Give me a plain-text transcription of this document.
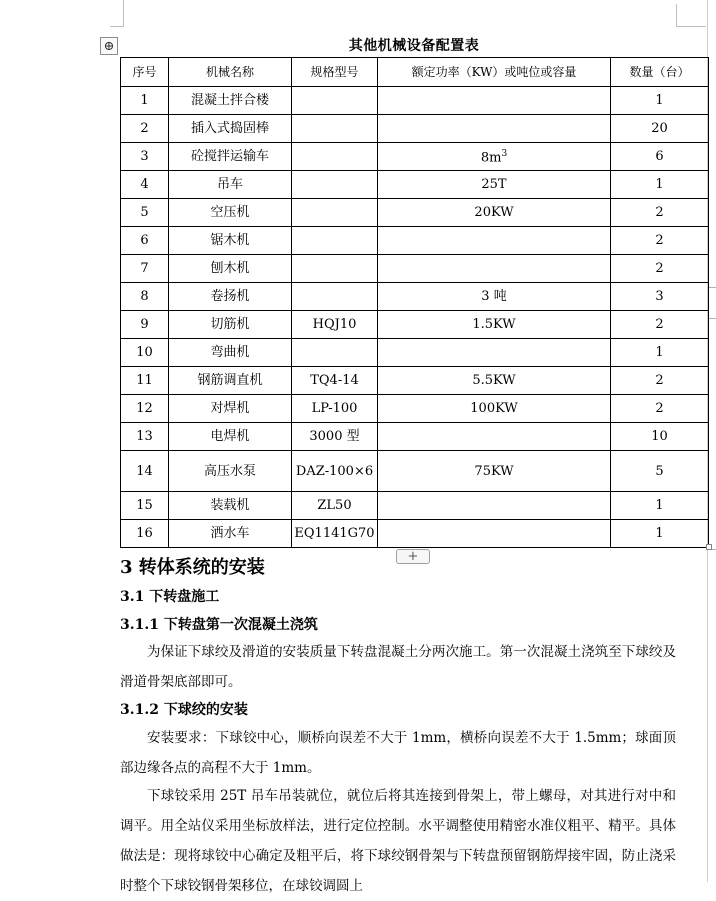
⊕	其他机械设备配置表
序号	机械名称	规格型号	额定功率（KW）或吨位或容量	数量（台）
1	混凝土拌合楼			1
2	插入式捣固棒			20
3	砼搅拌运输车		$8m^3$	6
4	吊车		25T	1
5	空压机		20KW	2
6	锯木机			2
7	刨木机			2
8	卷扬机		3 吨	3
9	切筋机	HQJ10	1.5KW	2
10	弯曲机			1
11	钢筋调直机	TQ4-14	5.5KW	2
12	对焊机	LP-100	100KW	2
13	电焊机	3000 型		10
14	高压水泵	DAZ-100×6	75KW	5
15	装载机	ZL50		1
16	洒水车	EQ1141G70		1
+
3 转体系统的安装
3.1 下转盘施工
3.1.1 下转盘第一次混凝土浇筑
为保证下球绞及滑道的安装质量下转盘混凝土分两次施工。第一次混凝土浇筑至下球绞及滑道骨架底部即可。
3.1.2 下球绞的安装
安装要求：下球铰中心，顺桥向误差不大于 1mm，横桥向误差不大于 1.5mm；球面顶部边缘各点的高程不大于 1mm。
下球铰采用 25T 吊车吊装就位，就位后将其连接到骨架上，带上螺母，对其进行对中和调平。用全站仪采用坐标放样法，进行定位控制。水平调整使用精密水准仪粗平、精平。具体做法是：现将球铰中心确定及粗平后，将下球绞钢骨架与下转盘预留钢筋焊接牢固，防止浇采时整个下球铰钢骨架移位，在球铰调圆上
